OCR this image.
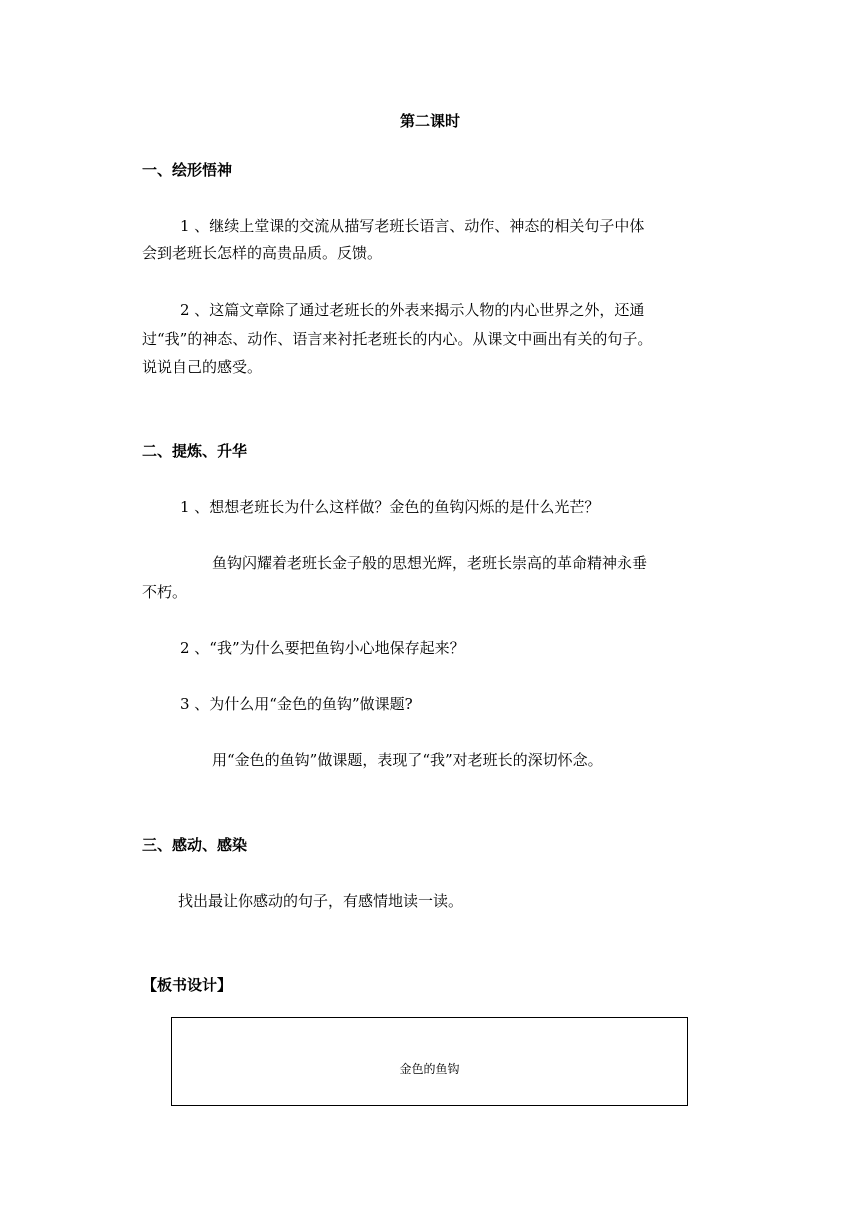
第二课时

一、绘形悟神

1 、继续上堂课的交流从描写老班长语言、动作、神态的相关句子中体

会到老班长怎样的高贵品质。反馈。

2 、这篇文章除了通过老班长的外表来揭示人物的内心世界之外，还通

过“我”的神态、动作、语言来衬托老班长的内心。从课文中画出有关的句子。

说说自己的感受。

二、提炼、升华

1 、想想老班长为什么这样做？金色的鱼钩闪烁的是什么光芒？

鱼钩闪耀着老班长金子般的思想光辉，老班长崇高的革命精神永垂

不朽。

2 、“我”为什么要把鱼钩小心地保存起来？

3 、为什么用“金色的鱼钩”做课题?

用“金色的鱼钩”做课题，表现了“我”对老班长的深切怀念。

三、感动、感染

找出最让你感动的句子，有感情地读一读。

【板书设计】

金色的鱼钩
